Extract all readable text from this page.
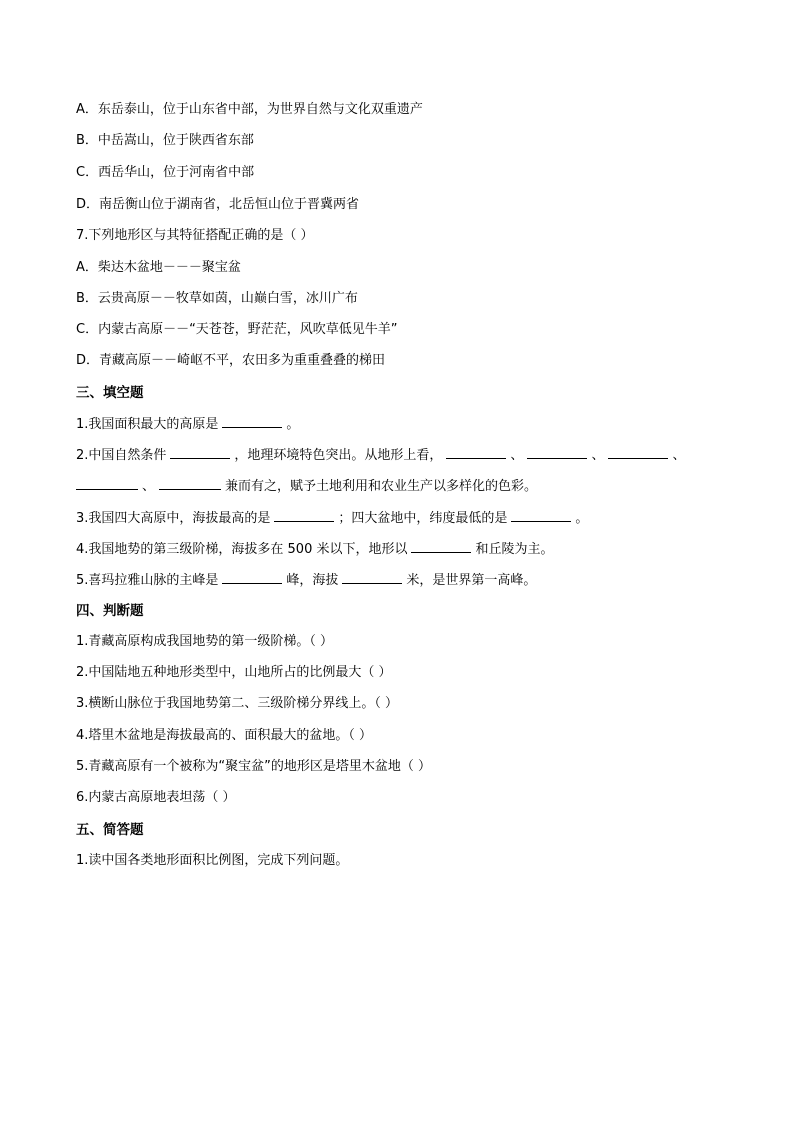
A．东岳泰山，位于山东省中部，为世界自然与文化双重遗产
B．中岳嵩山，位于陕西省东部
C．西岳华山，位于河南省中部
D．南岳衡山位于湖南省，北岳恒山位于晋冀两省
7.下列地形区与其特征搭配正确的是（ ）
A．柴达木盆地－－－聚宝盆
B．云贵高原－－牧草如茵，山巅白雪，冰川广布
C．内蒙古高原－－“天苍苍，野茫茫，风吹草低见牛羊”
D．青藏高原－－崎岖不平，农田多为重重叠叠的梯田
三、填空题
1.我国面积最大的高原是	。
2.中国自然条件	，地理环境特色突出。从地形上看，	、	、	、
、	兼而有之，赋予土地利用和农业生产以多样化的色彩。
3.我国四大高原中，海拔最高的是	；四大盆地中，纬度最低的是	。
4.我国地势的第三级阶梯，海拔多在 500 米以下，地形以	和丘陵为主。
5.喜玛拉雅山脉的主峰是	峰，海拔	米，是世界第一高峰。
四、判断题
1.青藏高原构成我国地势的第一级阶梯。（ ）
2.中国陆地五种地形类型中，山地所占的比例最大（ ）
3.横断山脉位于我国地势第二、三级阶梯分界线上。（ ）
4.塔里木盆地是海拔最高的、面积最大的盆地。（ ）
5.青藏高原有一个被称为“聚宝盆”的地形区是塔里木盆地（ ）
6.内蒙古高原地表坦荡（ ）
五、简答题
1.读中国各类地形面积比例图，完成下列问题。
